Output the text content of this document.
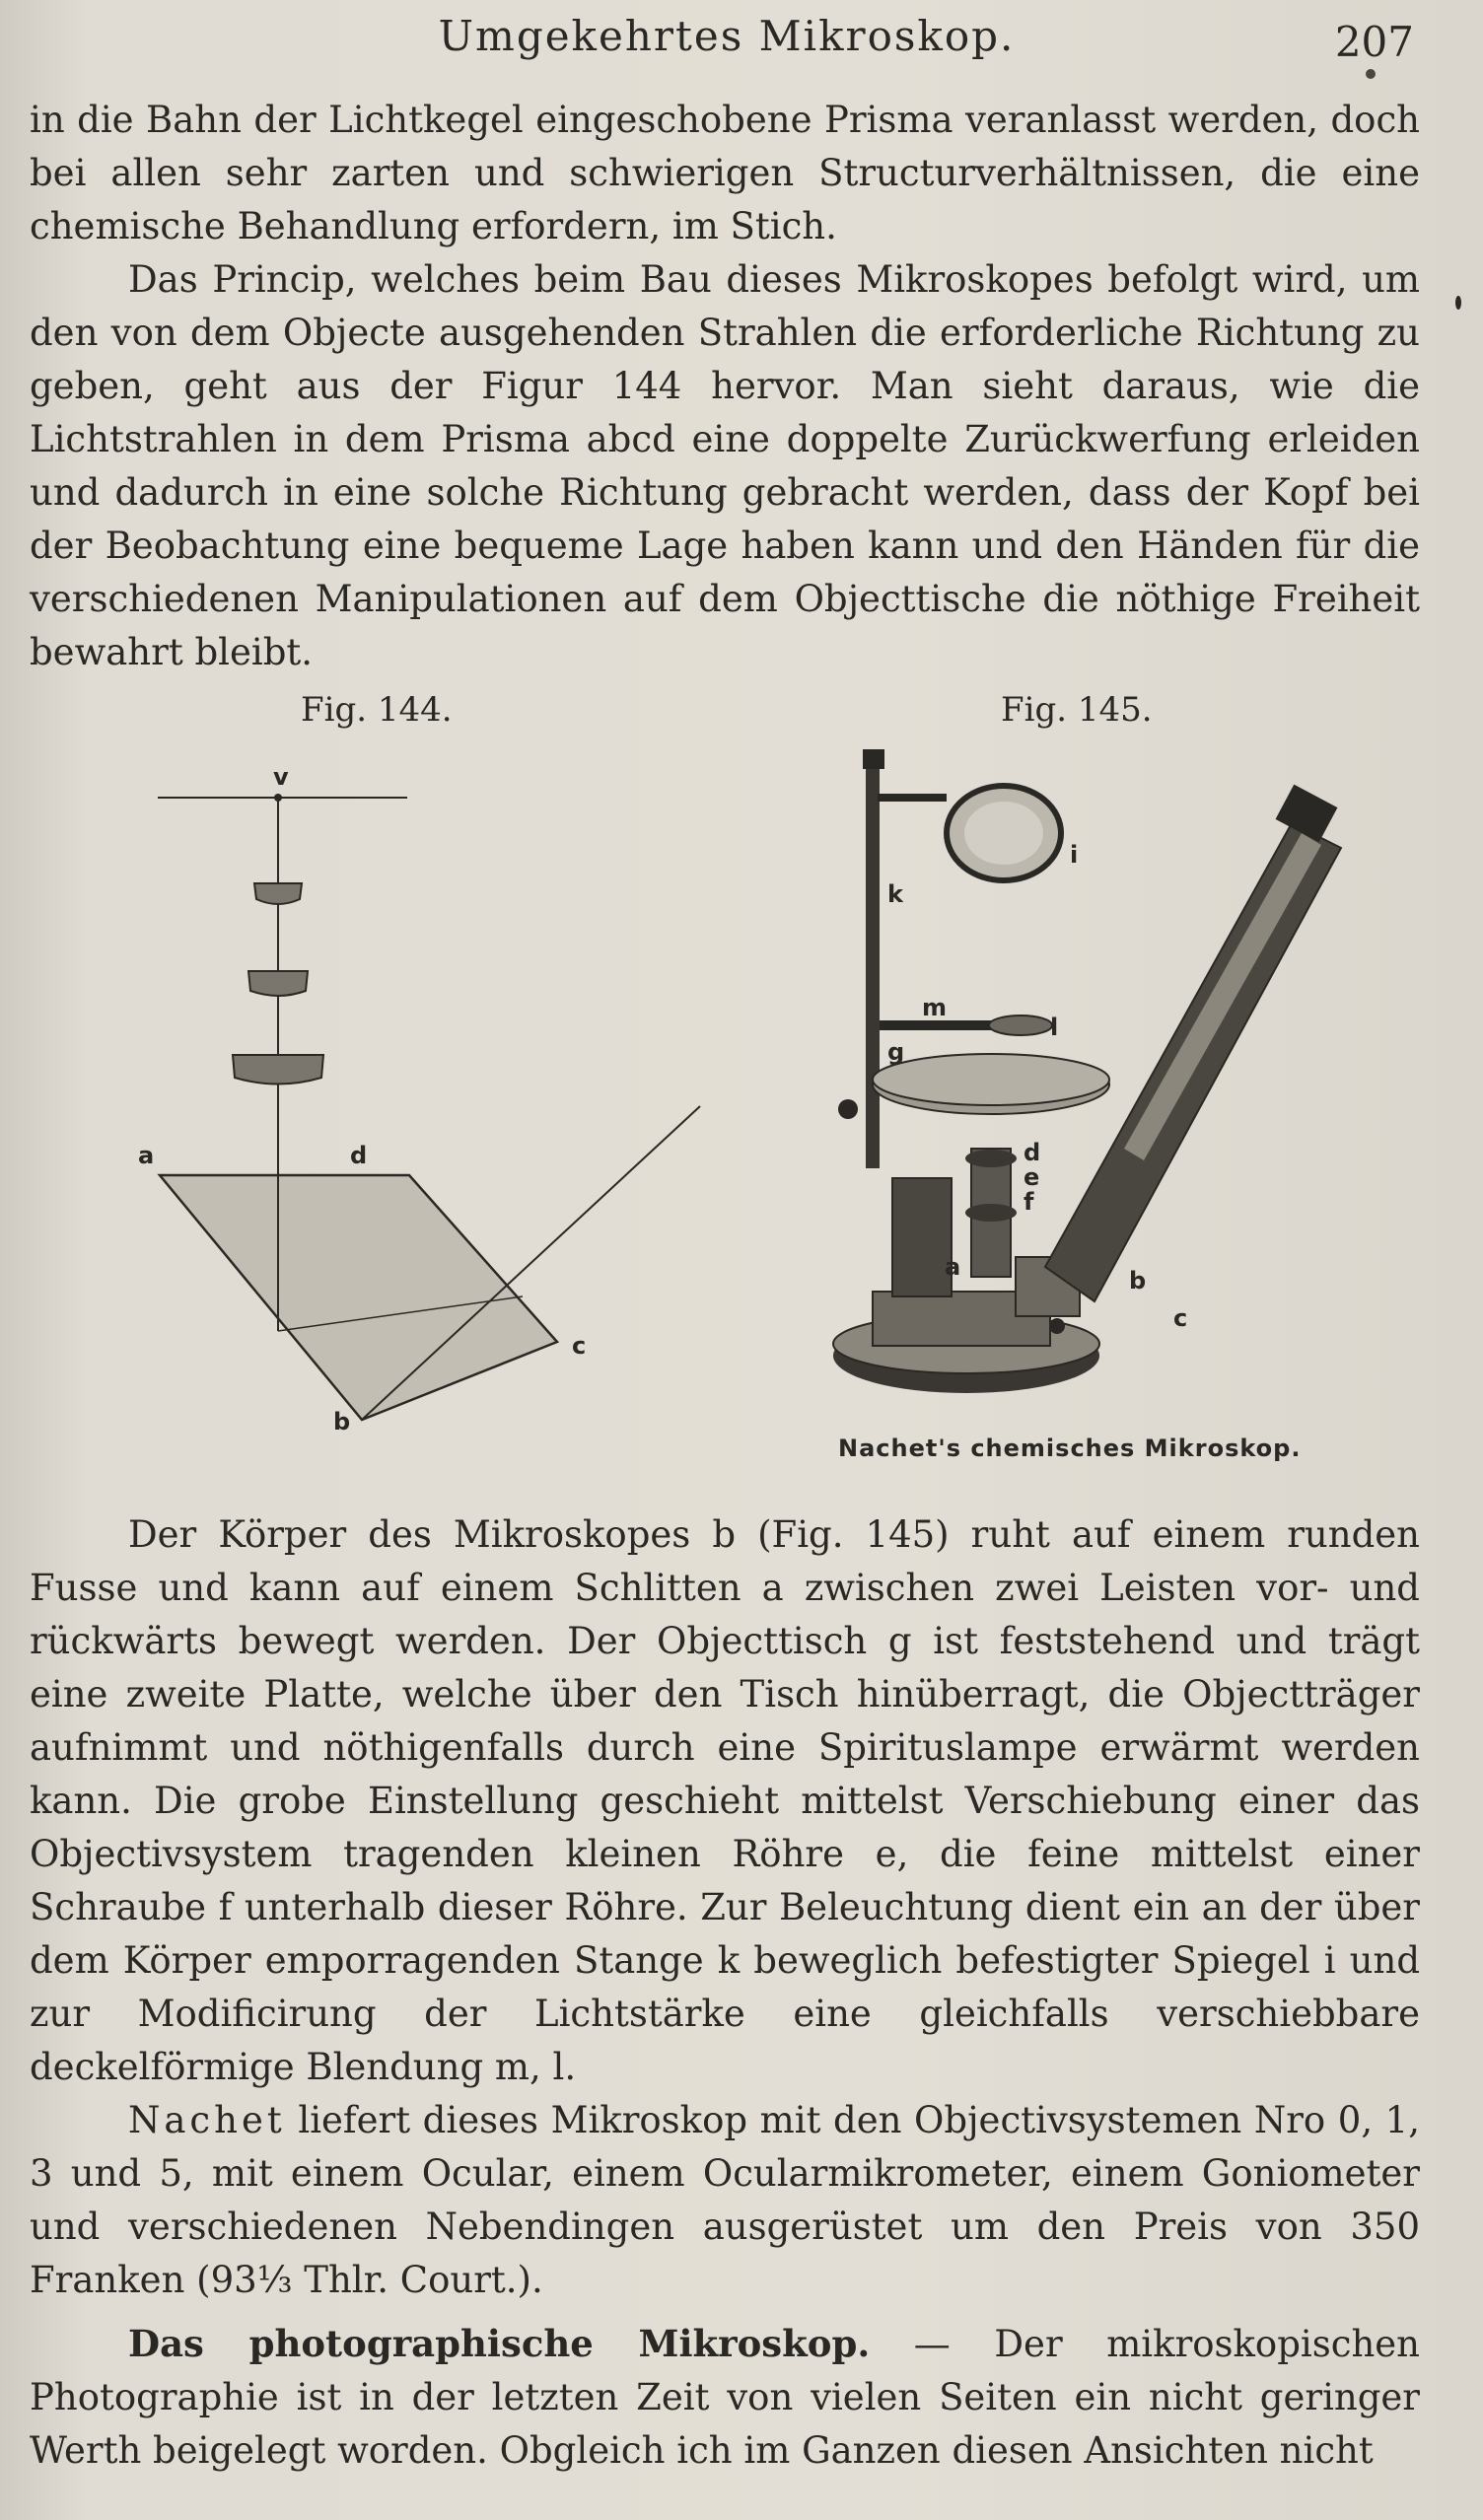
Umgekehrtes Mikroskop.	207

in die Bahn der Lichtkegel eingeschobene Prisma veranlasst werden, doch bei allen sehr zarten und schwierigen Structurverhältnissen, die eine chemische Behandlung erfordern, im Stich.

Das Princip, welches beim Bau dieses Mikroskopes befolgt wird, um den von dem Objecte ausgehenden Strahlen die erforderliche Richtung zu geben, geht aus der Figur 144 hervor. Man sieht daraus, wie die Lichtstrahlen in dem Prisma abcd eine doppelte Zurückwerfung erleiden und dadurch in eine solche Richtung gebracht werden, dass der Kopf bei der Beobachtung eine bequeme Lage haben kann und den Händen für die verschiedenen Manipulationen auf dem Objecttische die nöthige Freiheit bewahrt bleibt.

Fig. 144.	Fig. 145.
v
a	d
c
b
i
k
m
l
g
d
e
f
a	b
c
Nachet's chemisches Mikroskop.

Der Körper des Mikroskopes b (Fig. 145) ruht auf einem runden Fusse und kann auf einem Schlitten a zwischen zwei Leisten vor- und rückwärts bewegt werden. Der Objecttisch g ist feststehend und trägt eine zweite Platte, welche über den Tisch hinüberragt, die Objectträger aufnimmt und nöthigenfalls durch eine Spirituslampe erwärmt werden kann. Die grobe Einstellung geschieht mittelst Verschiebung einer das Objectivsystem tragenden kleinen Röhre e, die feine mittelst einer Schraube f unterhalb dieser Röhre. Zur Beleuchtung dient ein an der über dem Körper emporragenden Stange k beweglich befestigter Spiegel i und zur Modificirung der Lichtstärke eine gleichfalls verschiebbare deckelförmige Blendung m, l.

Nachet liefert dieses Mikroskop mit den Objectivsystemen Nro 0, 1, 3 und 5, mit einem Ocular, einem Ocularmikrometer, einem Goniometer und verschiedenen Nebendingen ausgerüstet um den Preis von 350 Franken (93⅓ Thlr. Court.).

Das photographische Mikroskop. — Der mikroskopischen Photographie ist in der letzten Zeit von vielen Seiten ein nicht geringer Werth beigelegt worden. Obgleich ich im Ganzen diesen Ansichten nicht
